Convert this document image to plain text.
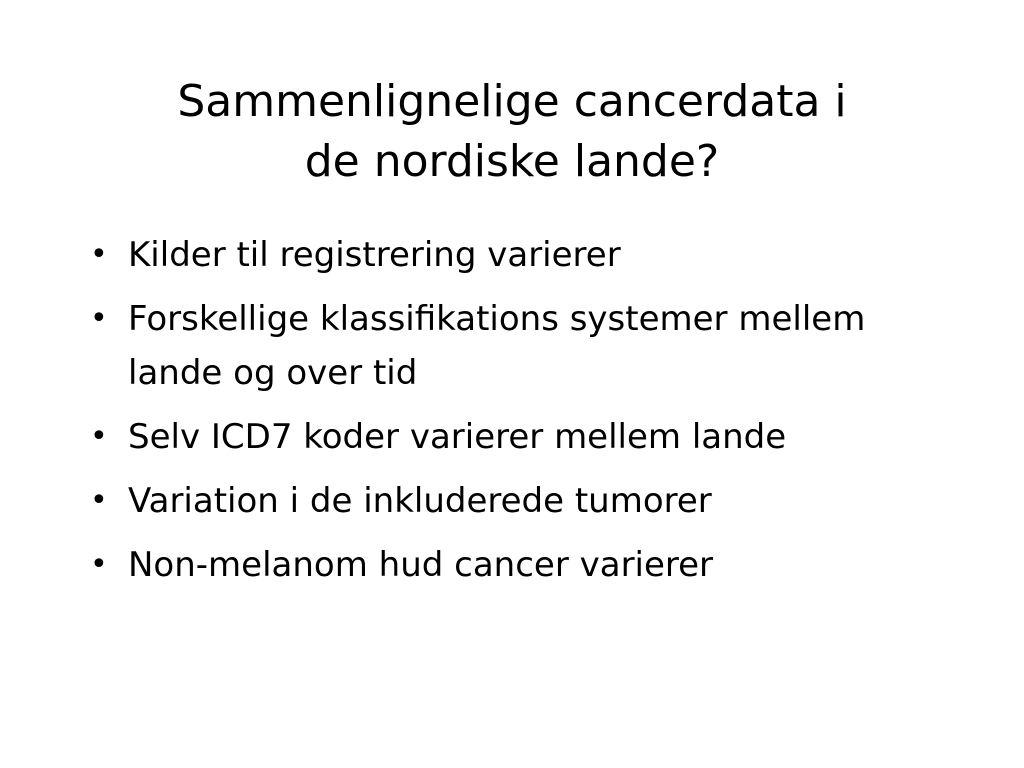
Sammenlignelige cancerdata i
de nordiske lande?
• Kilder til registrering varierer
• Forskellige klassifikations systemer mellem lande og over tid
• Selv ICD7 koder varierer mellem lande
• Variation i de inkluderede tumorer
• Non-melanom hud cancer varierer
